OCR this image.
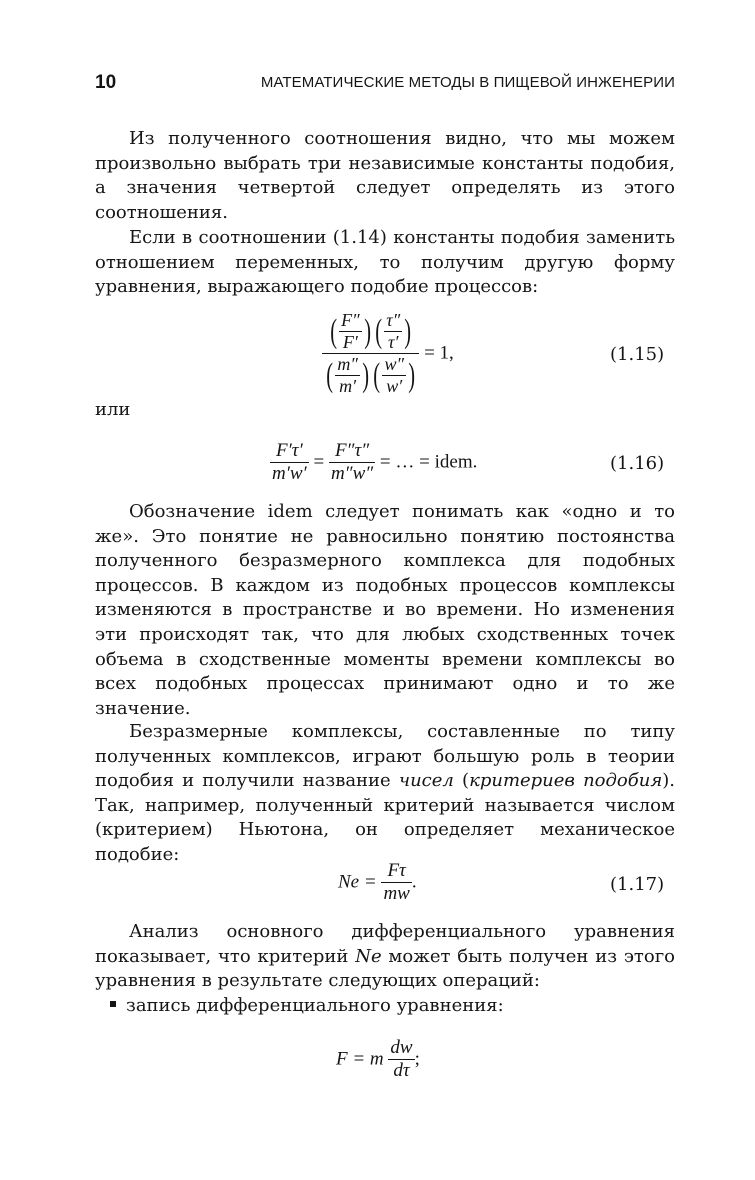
10	МАТЕМАТИЧЕСКИЕ МЕТОДЫ В ПИЩЕВОЙ ИНЖЕНЕРИИ
Из полученного соотношения видно, что мы можем произвольно выбрать три независимые константы подобия, а значения четвертой следует определять из этого соотношения.
Если в соотношении (1.14) константы подобия заменить отношением переменных, то получим другую форму уравнения, выражающего подобие процессов:
$\frac{( \frac{F''}{F'} ) ( \frac{\tau''}{\tau'} )}{( \frac{m''}{m'} ) ( \frac{w''}{w'} )} = 1$,	(1.15)
или
$\frac{F'\tau'}{m'w'} = \frac{F''\tau''}{m''w''}$ = … = idem.	(1.16)
Обозначение idem следует понимать как «одно и то же». Это понятие не равносильно понятию постоянства полученного безразмерного комплекса для подобных процессов. В каждом из подобных процессов комплексы изменяются в пространстве и во времени. Но изменения эти происходят так, что для любых сходственных точек объема в сходственные моменты времени комплексы во всех подобных процессах принимают одно и то же значение.
Безразмерные комплексы, составленные по типу полученных комплексов, играют большую роль в теории подобия и получили название чисел (критериев подобия). Так, например, полученный критерий называется числом (критерием) Ньютона, он определяет механическое подобие:
$Ne = \frac{F\tau}{mw}$ .	(1.17)
Анализ основного дифференциального уравнения показывает, что критерий Ne может быть получен из этого уравнения в результате следующих операций:
запись дифференциального уравнения:
F = m $\frac{dw}{d\tau}$ ;
